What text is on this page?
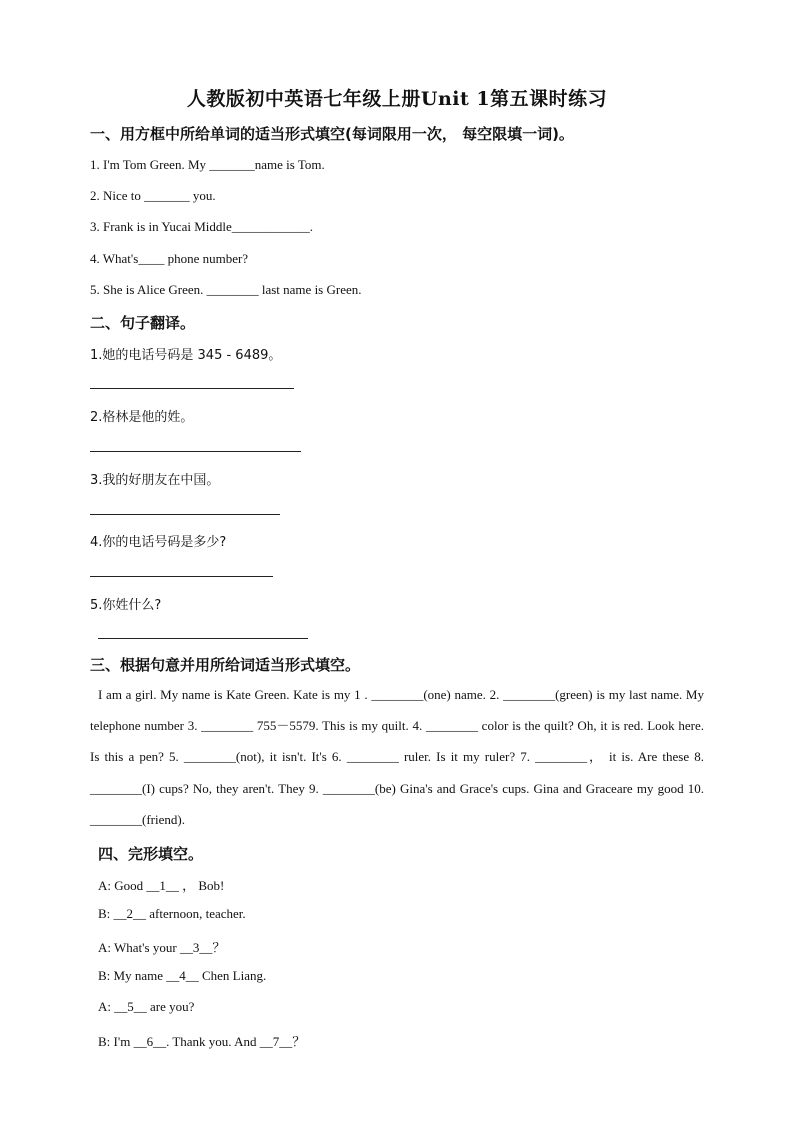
人教版初中英语七年级上册Unit 1第五课时练习
一、用方框中所给单词的适当形式填空(每词限用一次， 每空限填一词)。
1. I'm Tom Green. My _______name is Tom.
2. Nice to _______ you.
3. Frank is in Yucai Middle____________.
4. What's____ phone number?
5. She is Alice Green. ________ last name is Green.
二、句子翻译。
1.她的电话号码是 345 - 6489。
2.格林是他的姓。
3.我的好朋友在中国。
4.你的电话号码是多少?
5.你姓什么?
三、根据句意并用所给词适当形式填空。
I am a girl. My name is Kate Green. Kate is my 1 . ________(one) name. 2. ________(green) is my last name. My telephone number 3. ________ 755－5579. This is my quilt. 4. ________ color is the quilt? Oh, it is red. Look here. Is this a pen? 5. ________(not), it isn't. It's 6. ________ ruler. Is it my ruler? 7. ________， it is. Are these 8. ________(I) cups? No, they aren't. They 9. ________(be) Gina's and Grace's cups. Gina and Graceare my good 10. ________(friend).
四、完形填空。
A: Good __1__ ， Bob!
B: __2__ afternoon, teacher.
A: What's your __3__？
B: My name __4__ Chen Liang.
A: __5__ are you?
B: I'm __6__. Thank you. And __7__？
